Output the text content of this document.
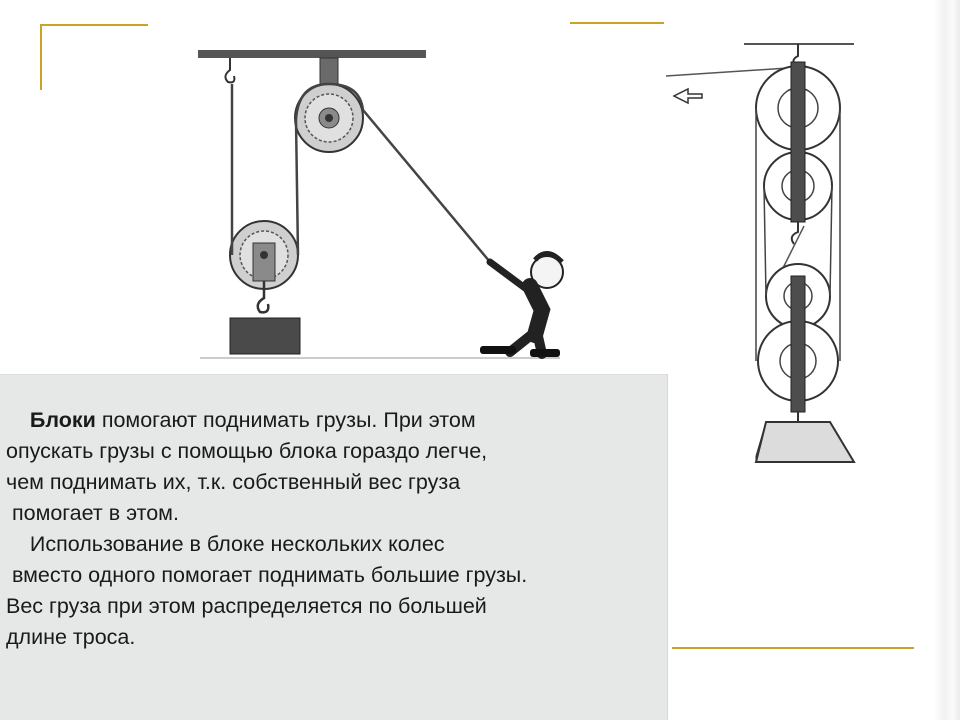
Блоки помогают поднимать грузы. При этом

опускать грузы с помощью блока гораздо легче,

чем поднимать их, т.к. собственный вес груза

помогает в этом.

Использование в блоке нескольких колес

вместо одного помогает поднимать большие грузы.

Вес груза при этом распределяется по большей

длине троса.
